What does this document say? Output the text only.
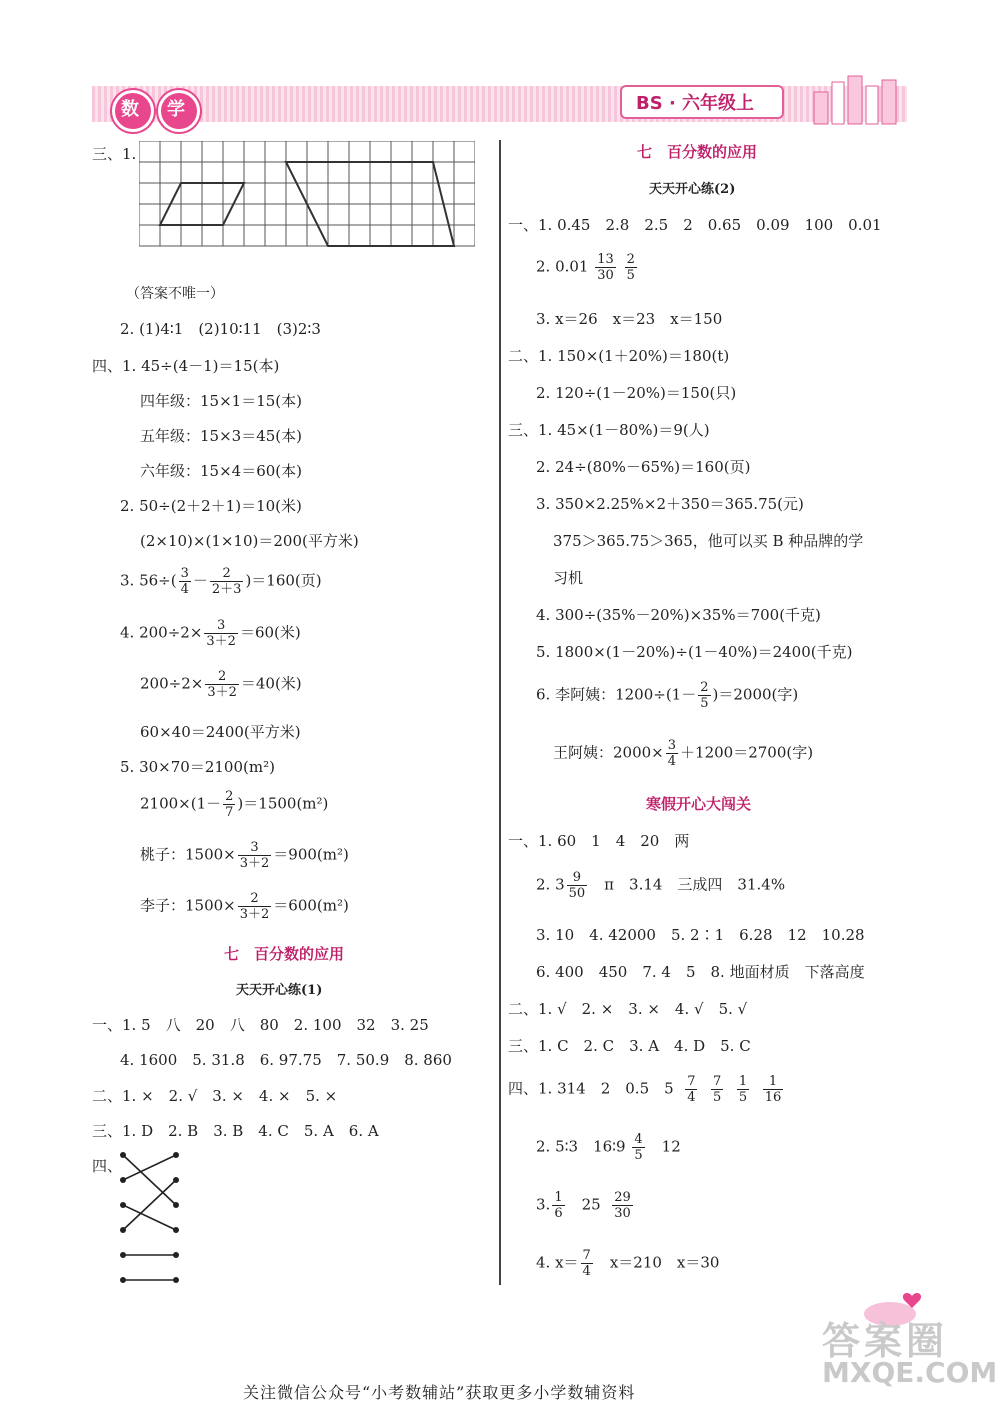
数 学	BS · 六年级上
三、1.
（答案不唯一）
2. (1)4∶1　(2)10∶11　(3)2∶3
四、1. 45÷(4－1)＝15(本)
四年级：15×1＝15(本)
五年级：15×3＝45(本)
六年级：15×4＝60(本)
2. 50÷(2＋2＋1)＝10(米)
(2×10)×(1×10)＝200(平方米)
3. $56\div( \frac{3}{4} - \frac{2}{2+3} )=160$(页)
4. $200\div 2\times \frac{3}{3+2} =60$(米)
$200\div 2\times \frac{2}{3+2} =40$(米)
60×40＝2400(平方米)
5. 30×70＝2100(m²)
$2100\times(1- \frac{2}{7} )=1500(m^2)$
桃子：$1500\times \frac{3}{3+2} =900(m^2)$
李子：$1500\times \frac{2}{3+2} =600(m^2)$
七　百分数的应用
天天开心练(1)
一、1. 5　八　20　八　80　2. 100　32　3. 25
4. 1600　5. 31.8　6. 97.75　7. 50.9　8. 860
二、1. ×　2. √　3. ×　4. ×　5. ×
三、1. D　2. B　3. B　4. C　5. A　6. A
四、
七　百分数的应用
天天开心练(2)
一、1. 0.45　2.8　2.5　2　0.65　0.09　100　0.01
2. $0.01 \frac{13}{30}$
$\frac{2}{5}$
3. x＝26　x＝23　x＝150
二、1. 150×(1＋20%)＝180(t)
2. 120÷(1－20%)＝150(只)
三、1. 45×(1－80%)＝9(人)
2. 24÷(80%－65%)＝160(页)
3. 350×2.25%×2＋350＝365.75(元)
375＞365.75＞365，他可以买 B 种品牌的学
习机
4. 300÷(35%－20%)×35%＝700(千克)
5. 1800×(1－20%)÷(1－40%)＝2400(千克)
6. 李阿姨：$1200\div(1- \frac{2}{5} )=2000$(字)
王阿姨：$2000\times \frac{3}{4} +1200=2700$(字)
寒假开心大闯关
一、1. 60　1　4　20　两
2. $3 \frac{9}{50}$ 　π　3.14　三成四　31.4%
3. 10　4. 42000　5. 2∶1　6.28　12　10.28
6. 400　450　7. 4　5　8. 地面材质　下落高度
二、1. √　2. ×　3. ×　4. √　5. √
三、1. C　2. C　3. A　4. D　5. C
四、1. 314　2　0.5　$5 \frac{7}{4}$
$\frac{7}{5}$
$\frac{1}{5}$
$\frac{1}{16}$
2. 5∶3　16∶9 $\frac{4}{5}$ 　12
3. $\frac{1}{6}$ 　$25 \frac{29}{30}$
4. $x= \frac{7}{4}$ 　x＝210　x＝30
答案圈
MXQE.COM
关注微信公众号“小考数辅站”获取更多小学数辅资料
